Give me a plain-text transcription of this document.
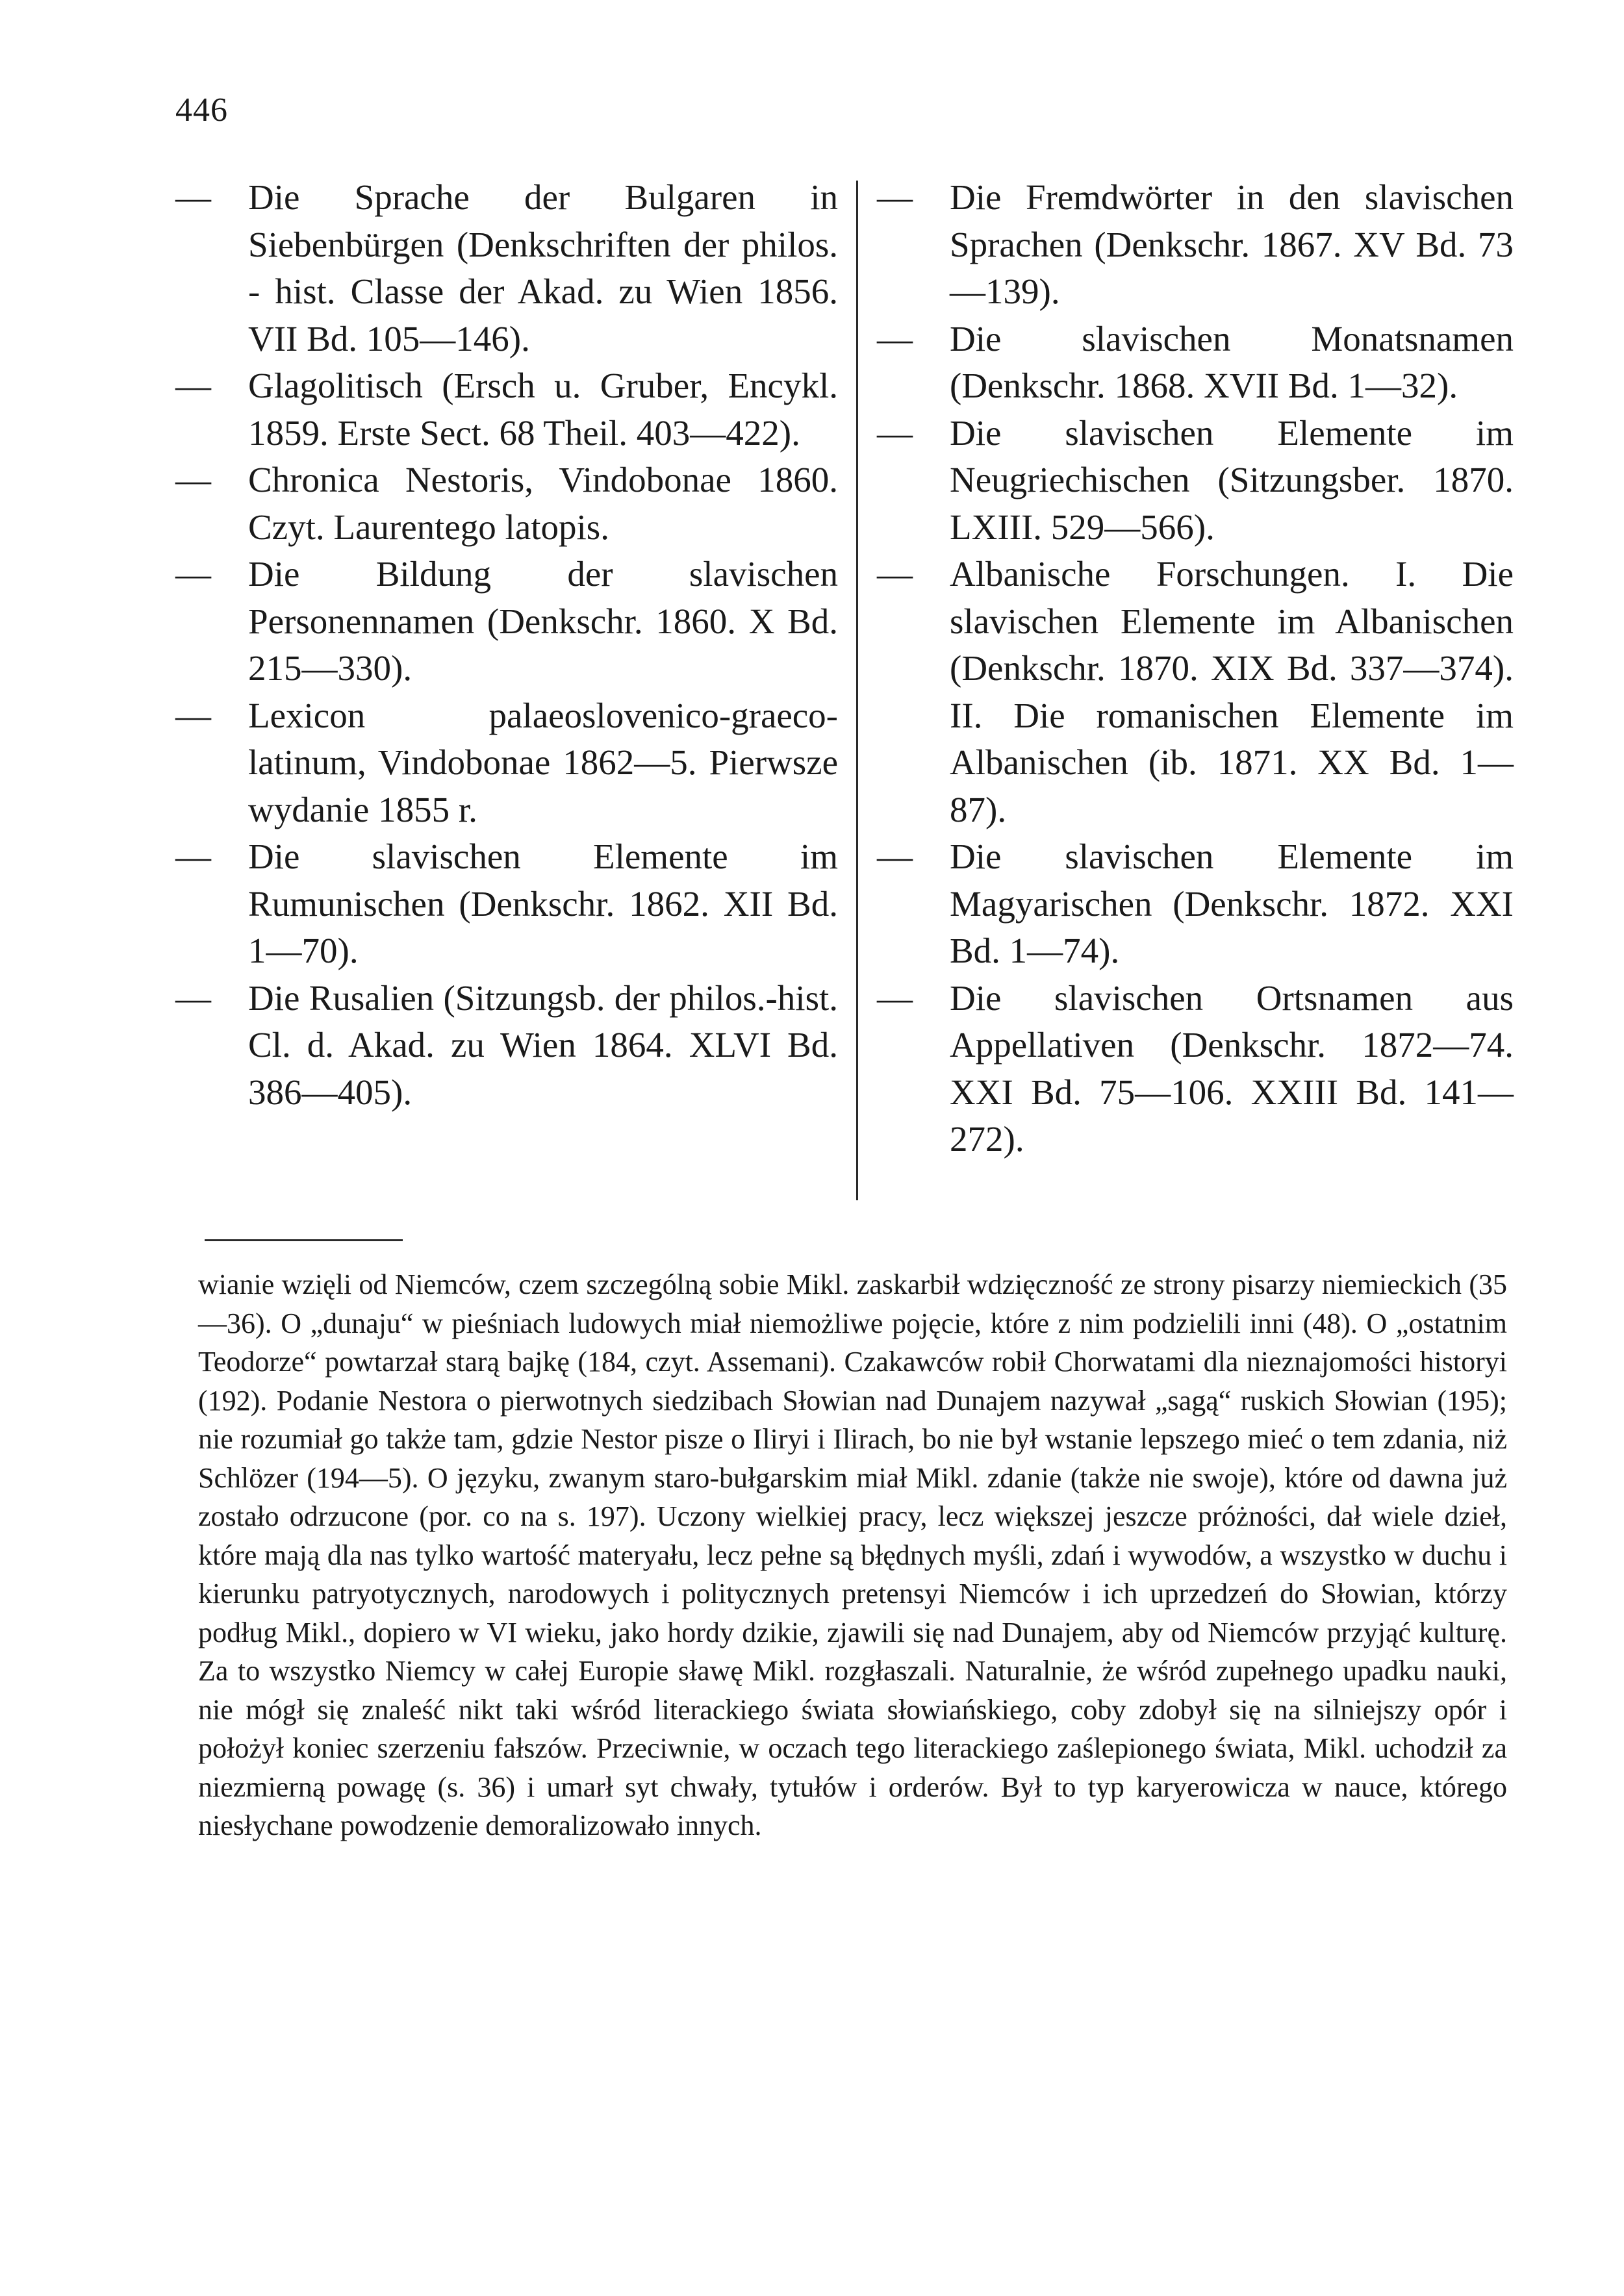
446

—	Die Sprache der Bulgaren in Siebenbürgen (Denkschriften der philos. - hist. Classe der Akad. zu Wien 1856. VII Bd. 105—146).

—	Glagolitisch (Ersch u. Gruber, Encykl. 1859. Erste Sect. 68 Theil. 403—422).

—	Chronica Nestoris, Vindobonae 1860. Czyt. Laurentego latopis.

—	Die Bildung der slavischen Personennamen (Denkschr. 1860. X Bd. 215—330).

—	Lexicon palaeoslovenico-graeco-latinum, Vindobonae 1862—5. Pierwsze wydanie 1855 r.

—	Die slavischen Elemente im Rumunischen (Denkschr. 1862. XII Bd. 1—70).

—	Die Rusalien (Sitzungsb. der philos.-hist. Cl. d. Akad. zu Wien 1864. XLVI Bd. 386—405).

—	Die Fremdwörter in den slavischen Sprachen (Denkschr. 1867. XV Bd. 73—139).

—	Die slavischen Monatsnamen (Denkschr. 1868. XVII Bd. 1—32).

—	Die slavischen Elemente im Neugriechischen (Sitzungsber. 1870. LXIII. 529—566).

—	Albanische Forschungen. I. Die slavischen Elemente im Albanischen (Denkschr. 1870. XIX Bd. 337—374). II. Die romanischen Elemente im Albanischen (ib. 1871. XX Bd. 1—87).

—	Die slavischen Elemente im Magyarischen (Denkschr. 1872. XXI Bd. 1—74).

—	Die slavischen Ortsnamen aus Appellativen (Denkschr. 1872—74. XXI Bd. 75—106. XXIII Bd. 141—272).

wianie wzięli od Niemców, czem szczególną sobie Mikl. zaskarbił wdzięczność ze strony pisarzy niemieckich (35—36). O „dunaju“ w pieśniach ludowych miał niemożliwe pojęcie, które z nim podzielili inni (48). O „ostatnim Teodorze“ powtarzał starą bajkę (184, czyt. Assemani). Czakawców robił Chorwatami dla nieznajomości historyi (192). Podanie Nestora o pierwotnych siedzibach Słowian nad Dunajem nazywał „sagą“ ruskich Słowian (195); nie rozumiał go także tam, gdzie Nestor pisze o Iliryi i Ilirach, bo nie był wstanie lepszego mieć o tem zdania, niż Schlözer (194—5). O języku, zwanym staro-bułgarskim miał Mikl. zdanie (także nie swoje), które od dawna już zostało odrzucone (por. co na s. 197). Uczony wielkiej pracy, lecz większej jeszcze próżności, dał wiele dzieł, które mają dla nas tylko wartość materyału, lecz pełne są błędnych myśli, zdań i wywodów, a wszystko w duchu i kierunku patryotycznych, narodowych i politycznych pretensyi Niemców i ich uprzedzeń do Słowian, którzy podług Mikl., dopiero w VI wieku, jako hordy dzikie, zjawili się nad Dunajem, aby od Niemców przyjąć kulturę. Za to wszystko Niemcy w całej Europie sławę Mikl. rozgłaszali. Naturalnie, że wśród zupełnego upadku nauki, nie mógł się znaleść nikt taki wśród literackiego świata słowiańskiego, coby zdobył się na silniejszy opór i położył koniec szerzeniu fałszów. Przeciwnie, w oczach tego literackiego zaślepionego świata, Mikl. uchodził za niezmierną powagę (s. 36) i umarł syt chwały, tytułów i orderów. Był to typ karyerowicza w nauce, którego niesłychane powodzenie demoralizowało innych.
